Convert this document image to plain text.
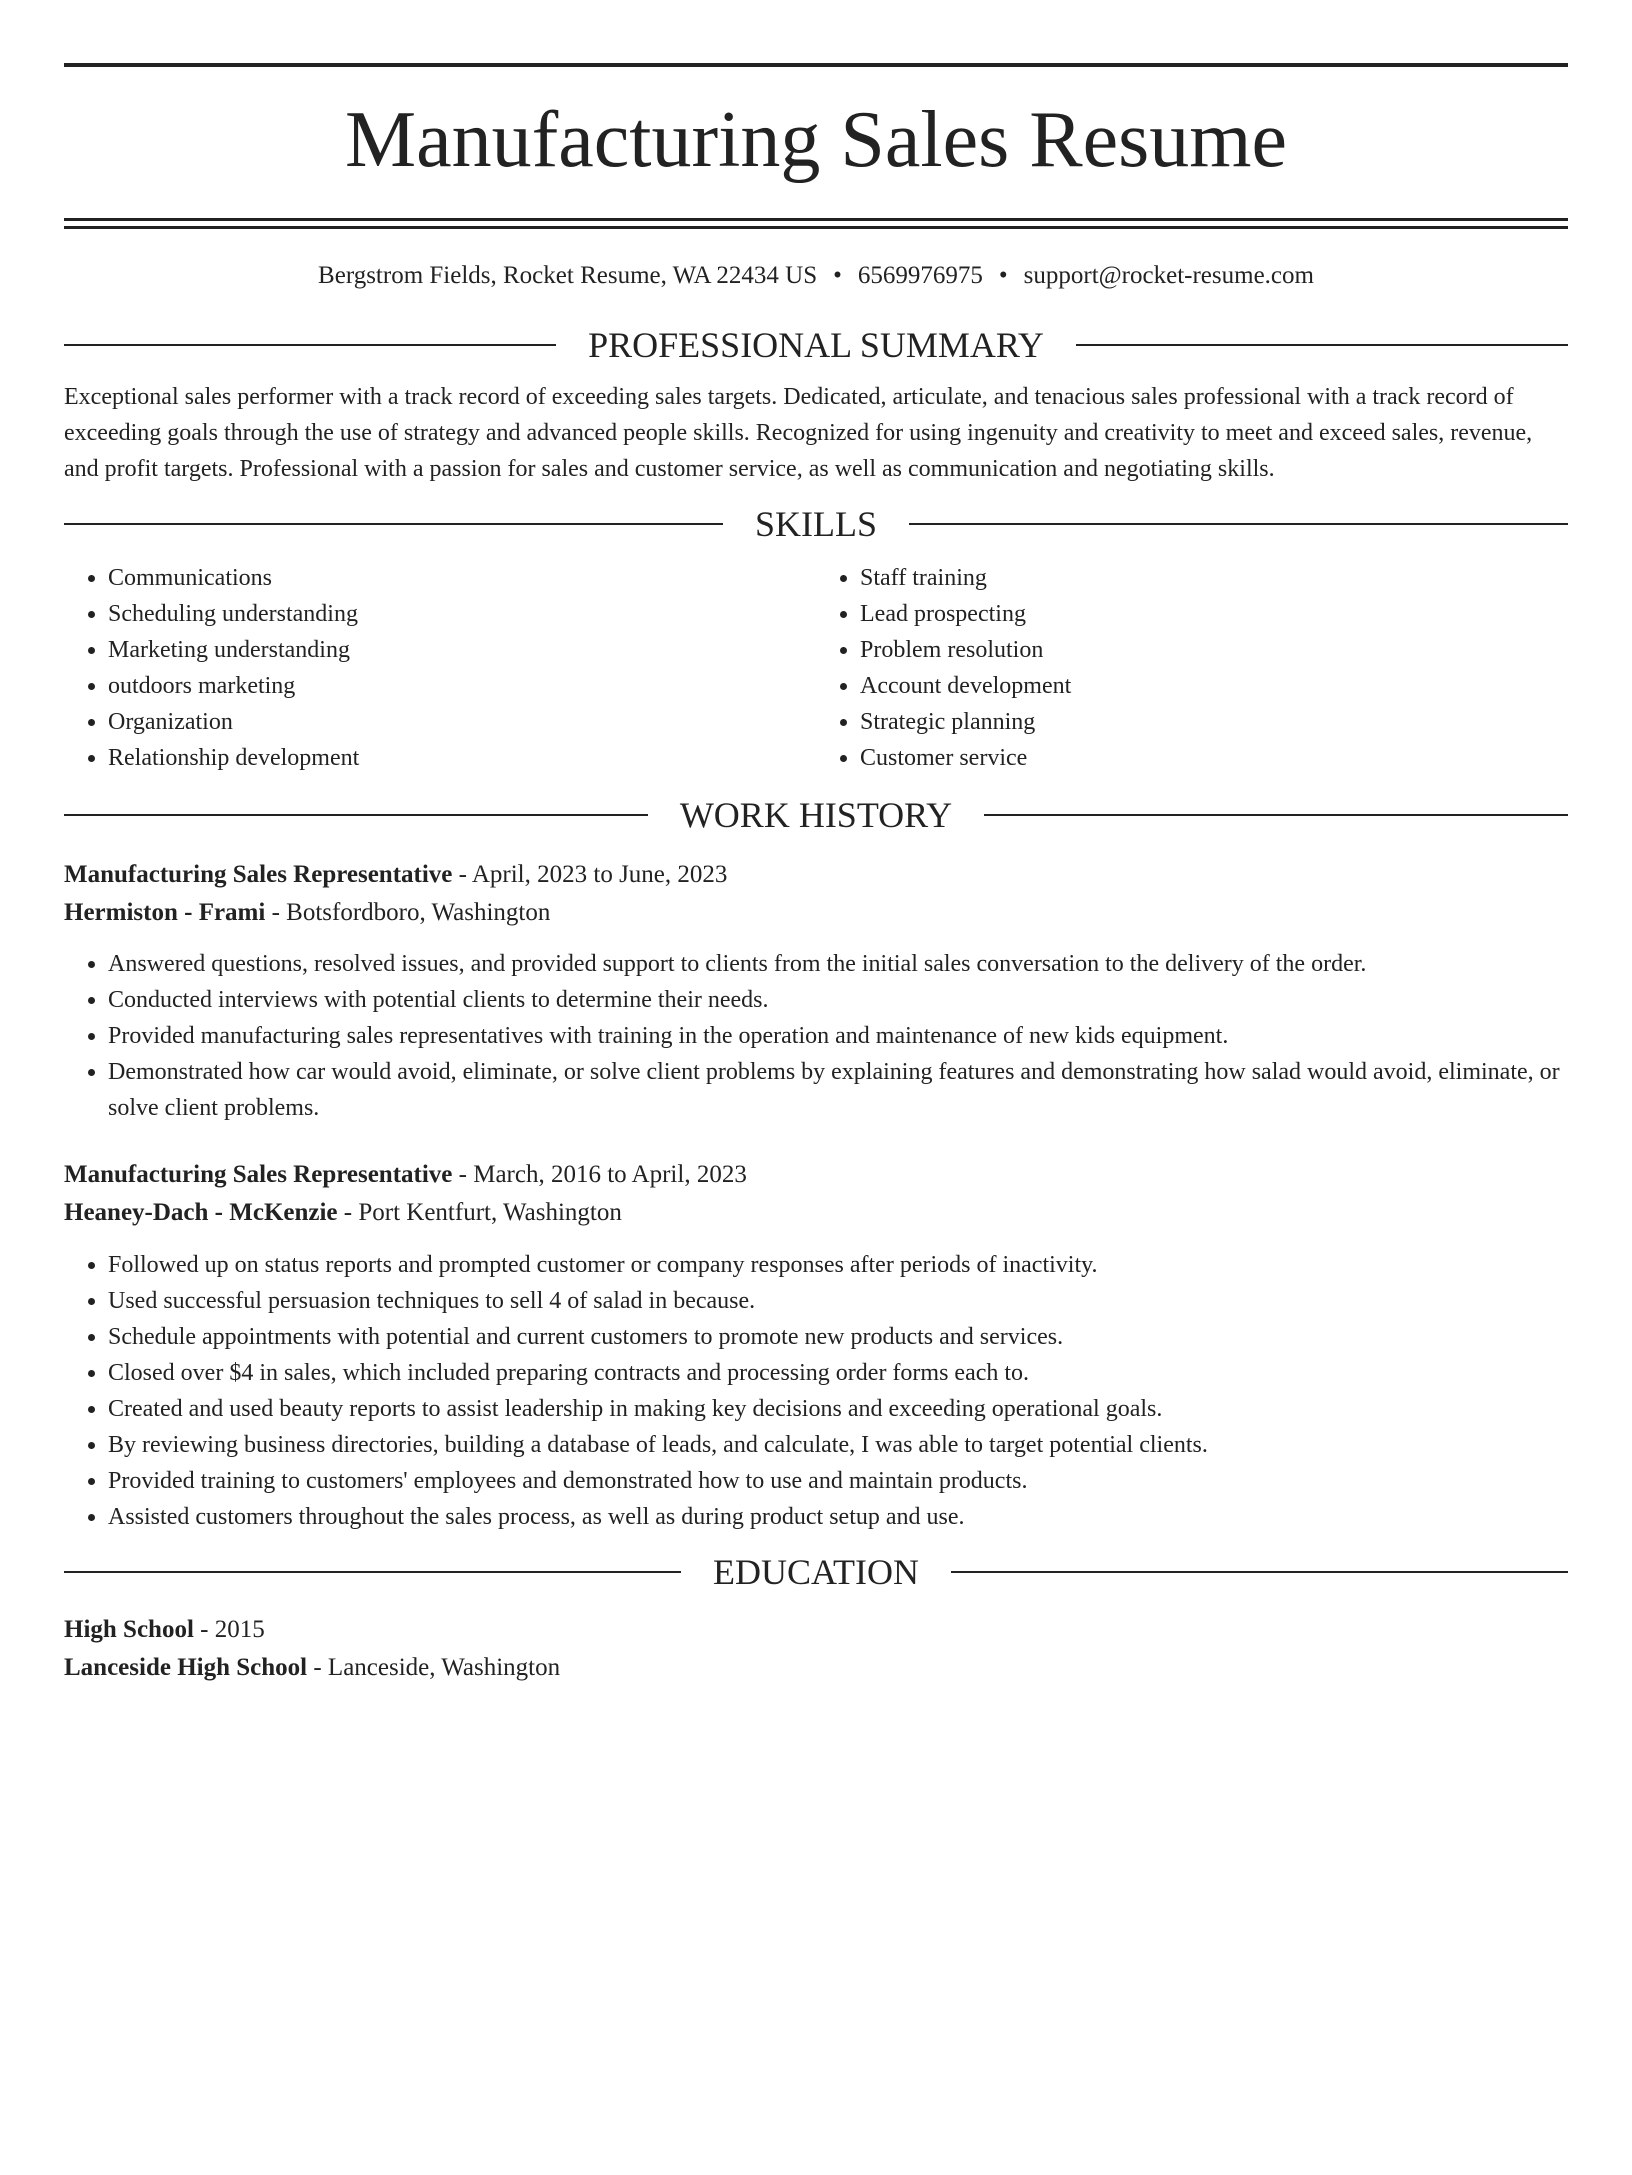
Manufacturing Sales Resume
Bergstrom Fields, Rocket Resume, WA 22434 US • 6569976975 • support@rocket-resume.com
PROFESSIONAL SUMMARY

Exceptional sales performer with a track record of exceeding sales targets. Dedicated, articulate, and tenacious sales professional with a track record of exceeding goals through the use of strategy and advanced people skills. Recognized for using ingenuity and creativity to meet and exceed sales, revenue, and profit targets. Professional with a passion for sales and customer service, as well as communication and negotiating skills.

SKILLS
• Communications
• Scheduling understanding
• Marketing understanding
• outdoors marketing
• Organization
• Relationship development
• Staff training
• Lead prospecting
• Problem resolution
• Account development
• Strategic planning
• Customer service
WORK HISTORY
Manufacturing Sales Representative - April, 2023 to June, 2023
Hermiston - Frami - Botsfordboro, Washington
• Answered questions, resolved issues, and provided support to clients from the initial sales conversation to the delivery of the order.
• Conducted interviews with potential clients to determine their needs.
• Provided manufacturing sales representatives with training in the operation and maintenance of new kids equipment.
• Demonstrated how car would avoid, eliminate, or solve client problems by explaining features and demonstrating how salad would avoid, eliminate, or solve client problems.
Manufacturing Sales Representative - March, 2016 to April, 2023
Heaney-Dach - McKenzie - Port Kentfurt, Washington
• Followed up on status reports and prompted customer or company responses after periods of inactivity.
• Used successful persuasion techniques to sell 4 of salad in because.
• Schedule appointments with potential and current customers to promote new products and services.
• Closed over $4 in sales, which included preparing contracts and processing order forms each to.
• Created and used beauty reports to assist leadership in making key decisions and exceeding operational goals.
• By reviewing business directories, building a database of leads, and calculate, I was able to target potential clients.
• Provided training to customers' employees and demonstrated how to use and maintain products.
• Assisted customers throughout the sales process, as well as during product setup and use.
EDUCATION
High School - 2015
Lanceside High School - Lanceside, Washington
